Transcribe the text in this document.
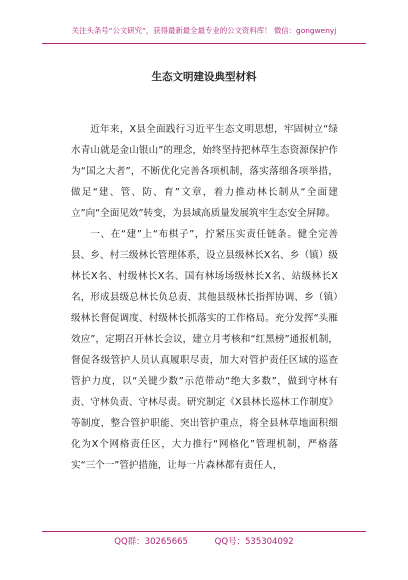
关注头条号“公文研究”，获得最新最全最专业的公文资料库！ 微信：gongwenyj
生态文明建设典型材料

近年来，X县全面践行习近平生态文明思想，牢固树立“绿水青山就是金山银山”的理念，始终坚持把林草生态资源保护作为“国之大者”，不断优化完善各项机制，落实落细各项举措，做足“建、管、防、育”文章，着力推动林长制从“全面建立”向“全面见效”转变，为县域高质量发展筑牢生态安全屏障。

一、在“建”上“布棋子”，拧紧压实责任链条。健全完善县、乡、村三级林长管理体系，设立县级林长X名、乡（镇）级林长X名、村级林长X名、国有林场场级林长X名、站级林长X名，形成县级总林长负总责、其他县级林长指挥协调、乡（镇）级林长督促调度、村级林长抓落实的工作格局。充分发挥“头雁效应”，定期召开林长会议，建立月考核和“红黑榜”通报机制，督促各级管护人员认真履职尽责，加大对管护责任区域的巡查管护力度，以“关键少数”示范带动“绝大多数”，做到守林有责、守林负责、守林尽责。研究制定《X县林长巡林工作制度》等制度，整合管护职能、突出管护重点，将全县林草地面积细化为X个网格责任区，大力推行“网格化”管理机制，严格落实“三个一”管护措施，让每一片森林都有责任人，

QQ群：30265665	QQ号：535304092
